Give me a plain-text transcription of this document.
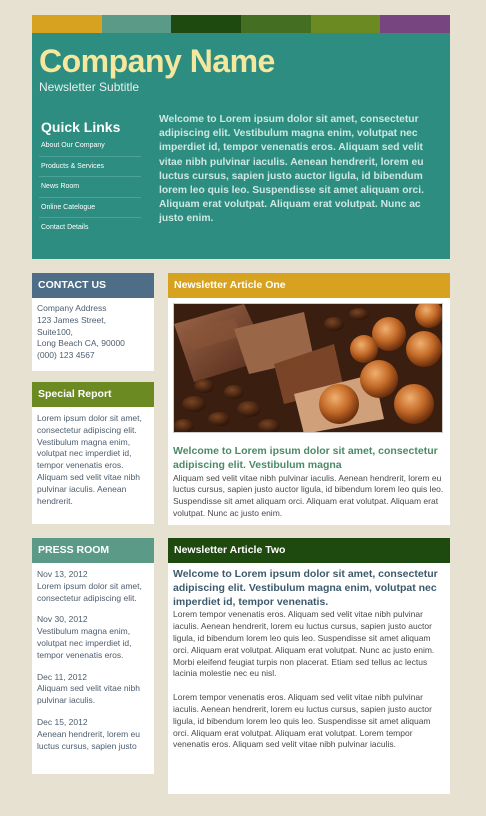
Company Name
Newsletter Subtitle
Quick Links
About Our Company
Products & Services
News Room
Online Catelogue
Contact Details
Welcome to Lorem ipsum dolor sit amet, consectetur adipiscing elit. Vestibulum magna enim, volutpat nec imperdiet id, tempor venenatis eros. Aliquam sed velit vitae nibh pulvinar iaculis. Aenean hendrerit, lorem eu luctus cursus, sapien justo auctor ligula, id bibendum lorem leo quis leo. Suspendisse sit amet aliquam orci. Aliquam erat volutpat. Aliquam erat volutpat. Nunc ac justo enim.
CONTACT US
Company Address
123 James Street,
Suite100,
Long Beach CA, 90000
(000) 123 4567
Special Report
Lorem ipsum dolor sit amet, consectetur adipiscing elit. Vestibulum magna enim, volutpat nec imperdiet id, tempor venenatis eros. Aliquam sed velit vitae nibh pulvinar iaculis. Aenean hendrerit.
PRESS ROOM
Nov 13, 2012
Lorem ipsum dolor sit amet, consectetur adipiscing elit.
Nov 30, 2012
Vestibulum magna enim, volutpat nec imperdiet id, tempor venenatis eros.
Dec 11, 2012
Aliquam sed velit vitae nibh pulvinar iaculis.
Dec 15, 2012
Aenean hendrerit, lorem eu luctus cursus, sapien justo
Newsletter Article One
Welcome to Lorem ipsum dolor sit amet, consectetur adipiscing elit. Vestibulum magna
Aliquam sed velit vitae nibh pulvinar iaculis. Aenean hendrerit, lorem eu luctus cursus, sapien justo auctor ligula, id bibendum lorem leo quis leo. Suspendisse sit amet aliquam orci. Aliquam erat volutpat. Aliquam erat volutpat. Nunc ac justo enim.
Newsletter Article Two
Welcome to Lorem ipsum dolor sit amet, consectetur adipiscing elit. Vestibulum magna enim, volutpat nec imperdiet id, tempor venenatis.
Lorem tempor venenatis eros. Aliquam sed velit vitae nibh pulvinar iaculis. Aenean hendrerit, lorem eu luctus cursus, sapien justo auctor ligula, id bibendum lorem leo quis leo. Suspendisse sit amet aliquam orci. Aliquam erat volutpat. Aliquam erat volutpat. Nunc ac justo enim. Morbi eleifend feugiat turpis non placerat. Etiam sed tellus ac lectus lacinia molestie nec eu nisl.
Lorem tempor venenatis eros. Aliquam sed velit vitae nibh pulvinar iaculis. Aenean hendrerit, lorem eu luctus cursus, sapien justo auctor ligula, id bibendum lorem leo quis leo. Suspendisse sit amet aliquam orci. Aliquam erat volutpat. Aliquam erat volutpat. Lorem tempor venenatis eros. Aliquam sed velit vitae nibh pulvinar iaculis.
